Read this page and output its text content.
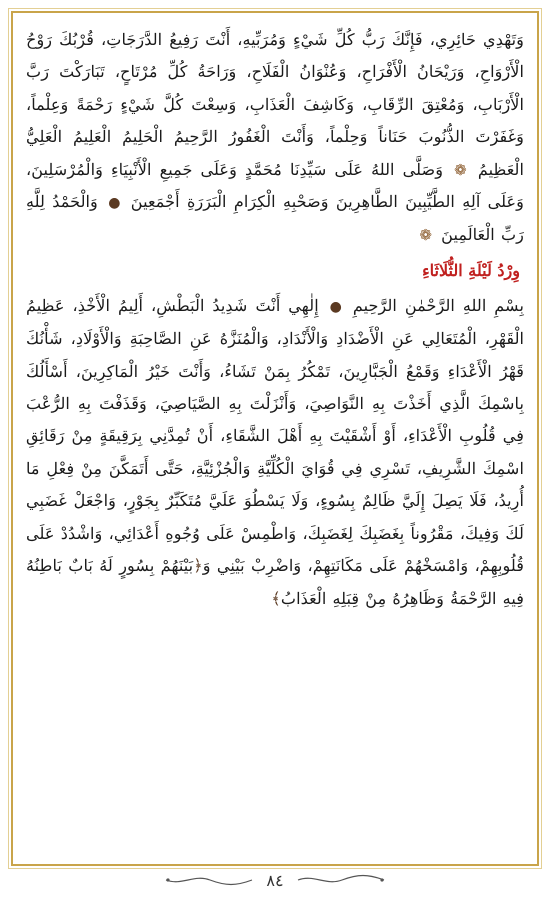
وَتَهْدِي حَائِرِي، فَإِنَّكَ رَبُّ كُلِّ شَيْءٍ وَمُرَبِّيهِ، أَنْتَ رَفِيعُ الدَّرَجَاتِ، قُرْبُكَ رَوْحُ الْأَرْوَاحِ، وَرَيْحَانُ الْأَفْرَاحِ، وَعُنْوَانُ الْفَلَاحِ، وَرَاحَةُ كُلِّ مُرْتَاحٍ، تَبَارَكْتَ رَبَّ الْأَرْبَابِ، وَمُعْتِقَ الرِّقَابِ، وَكَاشِفَ الْعَذَابِ، وَسِعْتَ كُلَّ شَيْءٍ رَحْمَةً وَعِلْماً، وَغَفَرْتَ الذُّنُوبَ حَنَاناً وَحِلْماً، وَأَنْتَ الْغَفُورُ الرَّحِيمُ الْحَلِيمُ الْعَلِيمُ الْعَلِيُّ الْعَظِيمُ ❁ وَصَلَّى اللهُ عَلَى سَيِّدِنَا مُحَمَّدٍ وَعَلَى جَمِيعِ الْأَنْبِيَاءِ وَالْمُرْسَلِينَ، وَعَلَى آلِهِ الطَّيِّبِينَ الطَّاهِرِينَ وَصَحْبِهِ الْكِرَامِ الْبَرَرَةِ أَجْمَعِينَ ● وَالْحَمْدُ لِلَّهِ رَبِّ الْعَالَمِينَ ❁

وِرْدُ لَيْلَةِ الثُّلَاثَاءِ

بِسْمِ اللهِ الرَّحْمٰنِ الرَّحِيمِ ● إِلٰهِي أَنْتَ شَدِيدُ الْبَطْشِ، أَلِيمُ الْأَخْذِ، عَظِيمُ الْقَهْرِ، الْمُتَعَالِي عَنِ الْأَضْدَادِ وَالْأَنْدَادِ، وَالْمُنَزَّهُ عَنِ الصَّاحِبَةِ وَالْأَوْلَادِ، شَأْنُكَ قَهْرُ الْأَعْدَاءِ وَقَمْعُ الْجَبَّارِينَ، تَمْكُرُ بِمَنْ تَشَاءُ، وَأَنْتَ خَيْرُ الْمَاكِرِينَ، أَسْأَلُكَ بِاسْمِكَ الَّذِي أَخَذْتَ بِهِ النَّوَاصِيَ، وَأَنْزَلْتَ بِهِ الصَّيَاصِيَ، وَقَذَفْتَ بِهِ الرُّعْبَ فِي قُلُوبِ الْأَعْدَاءِ، أَوْ أَشْقَيْتَ بِهِ أَهْلَ الشَّقَاءِ، أَنْ تُمِدَّنِي بِرَقِيقَةٍ مِنْ رَقَائِقِ اسْمِكَ الشَّرِيفِ، تَسْرِي فِي قُوَايَ الْكُلِّيَّةِ وَالْجُزْئِيَّةِ، حَتَّى أَتَمَكَّنَ مِنْ فِعْلِ مَا أُرِيدُ، فَلَا يَصِلَ إِلَيَّ ظَالِمٌ بِسُوءٍ، وَلَا يَسْطُوَ عَلَيَّ مُتَكَبِّرٌ بِجَوْرٍ، وَاجْعَلْ غَضَبِي لَكَ وَفِيكَ، مَقْرُوناً بِغَضَبِكَ لِغَضَبِكَ، وَاطْمِسْ عَلَى وُجُوهِ أَعْدَائِي، وَاشْدُدْ عَلَى قُلُوبِهِمْ، وَامْسَخْهُمْ عَلَى مَكَانَتِهِمْ، وَاضْرِبْ بَيْنِي وَ﴿بَيْنَهُمْ بِسُورٍ لَهُ بَابٌ بَاطِنُهُ فِيهِ الرَّحْمَةُ وَظَاهِرُهُ مِنْ قِبَلِهِ الْعَذَابُ﴾

٨٤
